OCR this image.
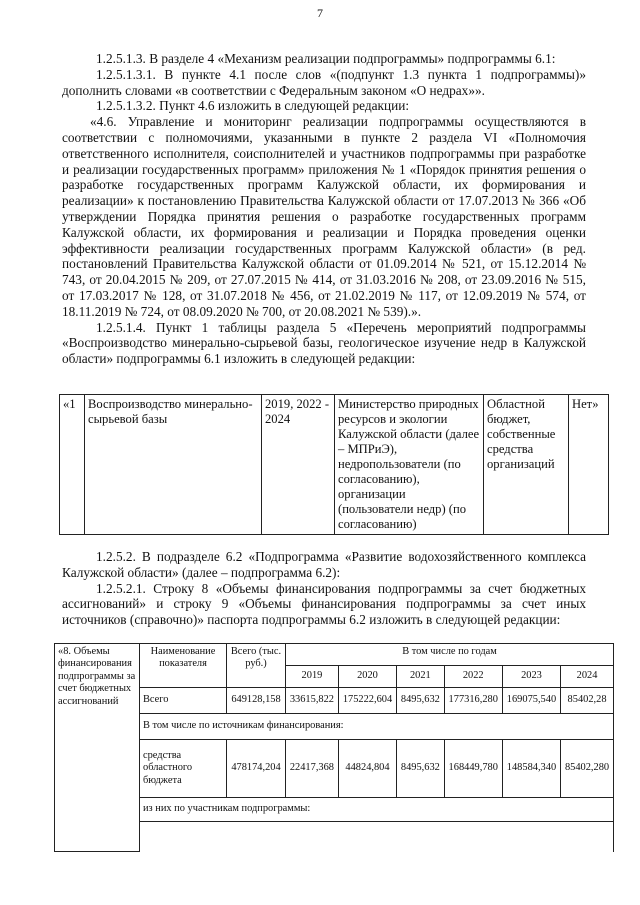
7

1.2.5.1.3. В разделе 4 «Механизм реализации подпрограммы» подпрограммы 6.1:

1.2.5.1.3.1. В пункте 4.1 после слов «(подпункт 1.3 пункта 1 подпрограммы)» дополнить словами «в соответствии с Федеральным законом «О недрах»».

1.2.5.1.3.2. Пункт 4.6 изложить в следующей редакции:

«4.6. Управление и мониторинг реализации подпрограммы осуществляются в соответствии с полномочиями, указанными в пункте 2 раздела VI «Полномочия ответственного исполнителя, соисполнителей и участников подпрограммы при разработке и реализации государственных программ» приложения № 1 «Порядок принятия решения о разработке государственных программ Калужской области, их формирования и реализации» к постановлению Правительства Калужской области от 17.07.2013 № 366 «Об утверждении Порядка принятия решения о разработке государственных программ Калужской области, их формирования и реализации и Порядка проведения оценки эффективности реализации государственных программ Калужской области» (в ред. постановлений Правительства Калужской области от 01.09.2014 № 521, от 15.12.2014 № 743, от 20.04.2015 № 209, от 27.07.2015 № 414, от 31.03.2016 № 208, от 23.09.2016 № 515, от 17.03.2017 № 128, от 31.07.2018 № 456, от 21.02.2019 № 117, от 12.09.2019 № 574, от 18.11.2019 № 724, от 08.09.2020 № 700, от 20.08.2021 № 539).».

1.2.5.1.4. Пункт 1 таблицы раздела 5 «Перечень мероприятий подпрограммы «Воспроизводство минерально-сырьевой базы, геологическое изучение недр в Калужской области» подпрограммы 6.1 изложить в следующей редакции:

«1	Воспроизводство минерально-сырьевой базы	2019, 2022 - 2024	Министерство природных ресурсов и экологии Калужской области (далее – МПРиЭ), недропользователи (по согласованию), организации (пользователи недр) (по согласованию)	Областной бюджет, собственные средства организаций	Нет»

1.2.5.2. В подразделе 6.2 «Подпрограмма «Развитие водохозяйственного комплекса Калужской области» (далее – подпрограмма 6.2):

1.2.5.2.1. Строку 8 «Объемы финансирования подпрограммы за счет бюджетных ассигнований» и строку 9 «Объемы финансирования подпрограммы за счет иных источников (справочно)» паспорта подпрограммы 6.2 изложить в следующей редакции:

«8. Объемы финансирования подпрограммы за счет бюджетных ассигнований	Наименование показателя	Всего (тыс. руб.)	В том числе по годам					
			2019	2020	2021	2022	2023	2024
	Всего	649128,158	33615,822	175222,604	8495,632	177316,280	169075,540	85402,28
	В том числе по источникам финансирования:							
	средства областного бюджета	478174,204	22417,368	44824,804	8495,632	168449,780	148584,340	85402,280
	из них по участникам подпрограммы:							
